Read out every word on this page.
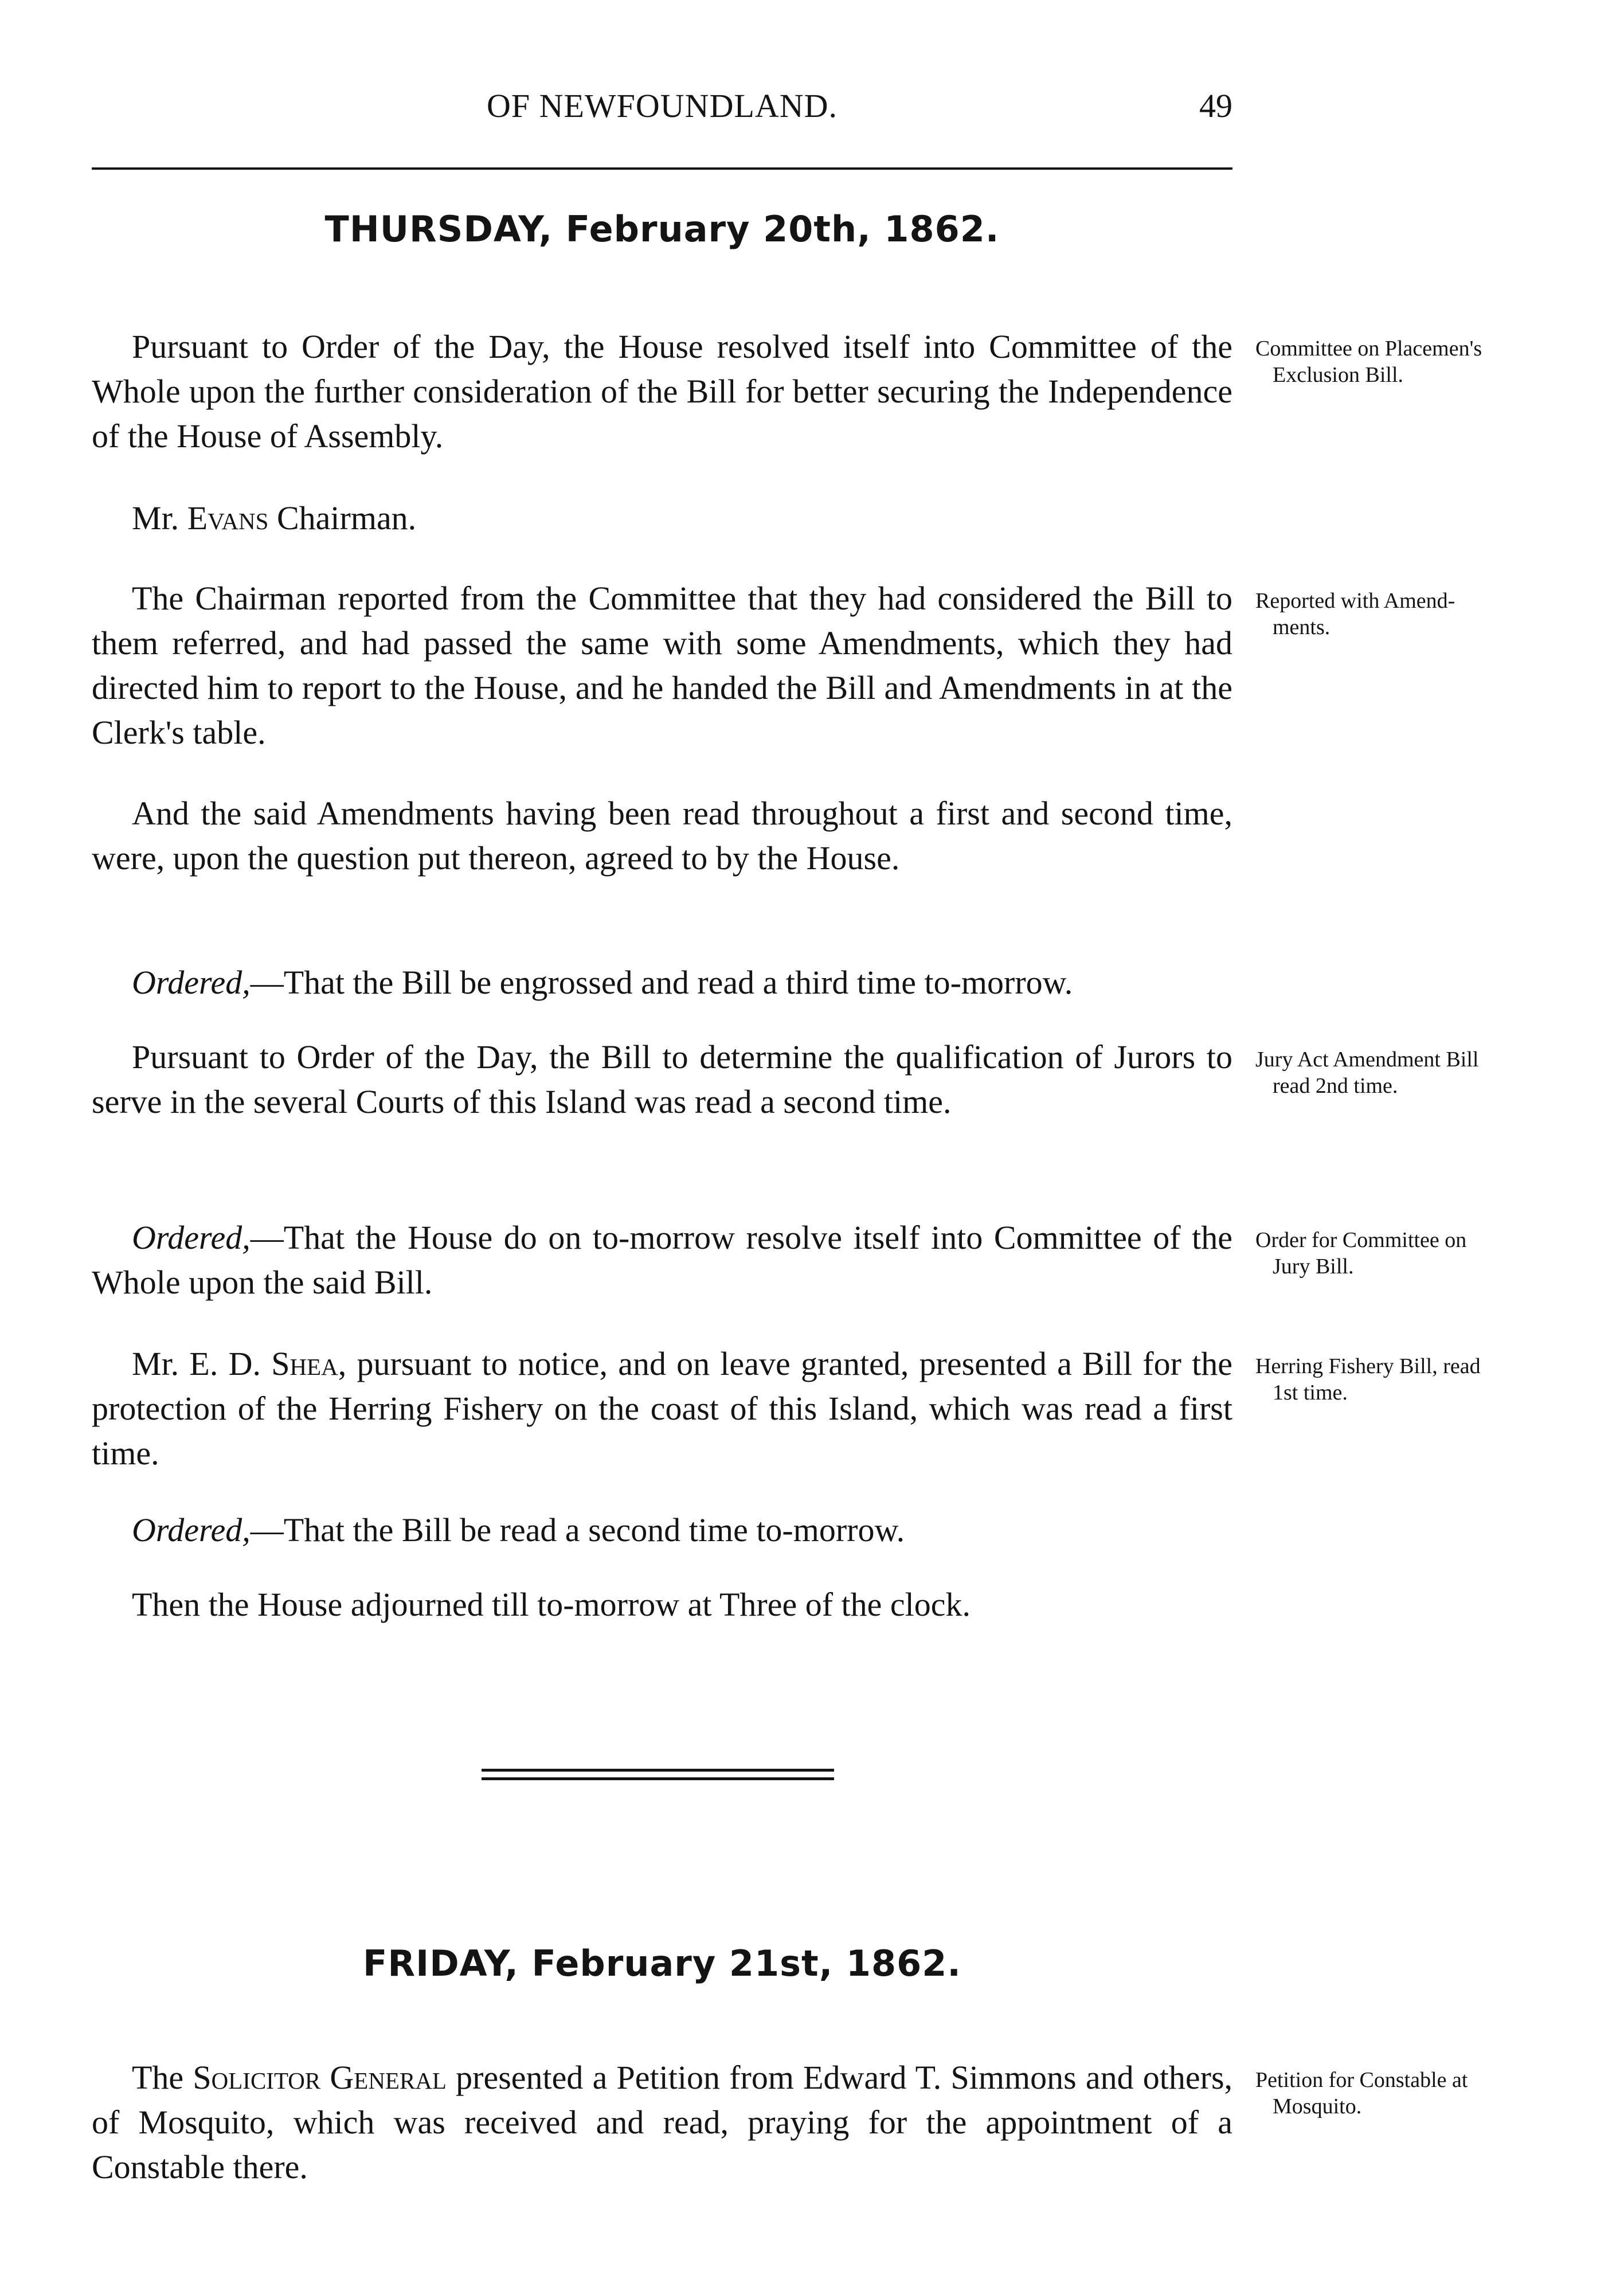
OF NEWFOUNDLAND.	49
THURSDAY, February 20th, 1862.
Pursuant to Order of the Day, the House resolved itself into Committee of the Whole upon the further consideration of the Bill for better securing the Independence of the House of Assembly.
Committee on Placemen's
Exclusion Bill.
Mr. Evans Chairman.
The Chairman reported from the Committee that they had considered the Bill to them referred, and had passed the same with some Amendments, which they had directed him to report to the House, and he handed the Bill and Amendments in at the Clerk's table.
Reported with Amend-
ments.
And the said Amendments having been read throughout a first and second time, were, upon the question put thereon, agreed to by the House.
Ordered,—That the Bill be engrossed and read a third time to-morrow.
Pursuant to Order of the Day, the Bill to determine the qualification of Jurors to serve in the several Courts of this Island was read a second time.
Jury Act Amendment Bill
read 2nd time.
Ordered,—That the House do on to-morrow resolve itself into Committee of the Whole upon the said Bill.
Order for Committee on
Jury Bill.
Mr. E. D. Shea, pursuant to notice, and on leave granted, presented a Bill for the protection of the Herring Fishery on the coast of this Island, which was read a first time.
Herring Fishery Bill, read
1st time.
Ordered,—That the Bill be read a second time to-morrow.
Then the House adjourned till to-morrow at Three of the clock.
FRIDAY, February 21st, 1862.
The Solicitor General presented a Petition from Edward T. Simmons and others, of Mosquito, which was received and read, praying for the appointment of a Constable there.
Petition for Constable at
Mosquito.
